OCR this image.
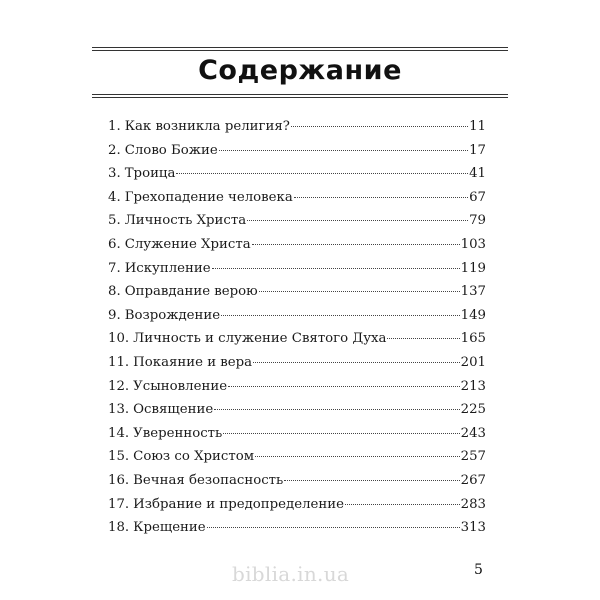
Содержание
1. Как возникла религия?	11
2. Слово Божие	17
3. Троица	41
4. Грехопадение человека	67
5. Личность Христа	79
6. Служение Христа	103
7. Искупление	119
8. Оправдание верою	137
9. Возрождение	149
10. Личность и служение Святого Духа	165
11. Покаяние и вера	201
12. Усыновление	213
13. Освящение	225
14. Уверенность	243
15. Союз со Христом	257
16. Вечная безопасность	267
17. Избрание и предопределение	283
18. Крещение	313
biblia.in.ua	5
